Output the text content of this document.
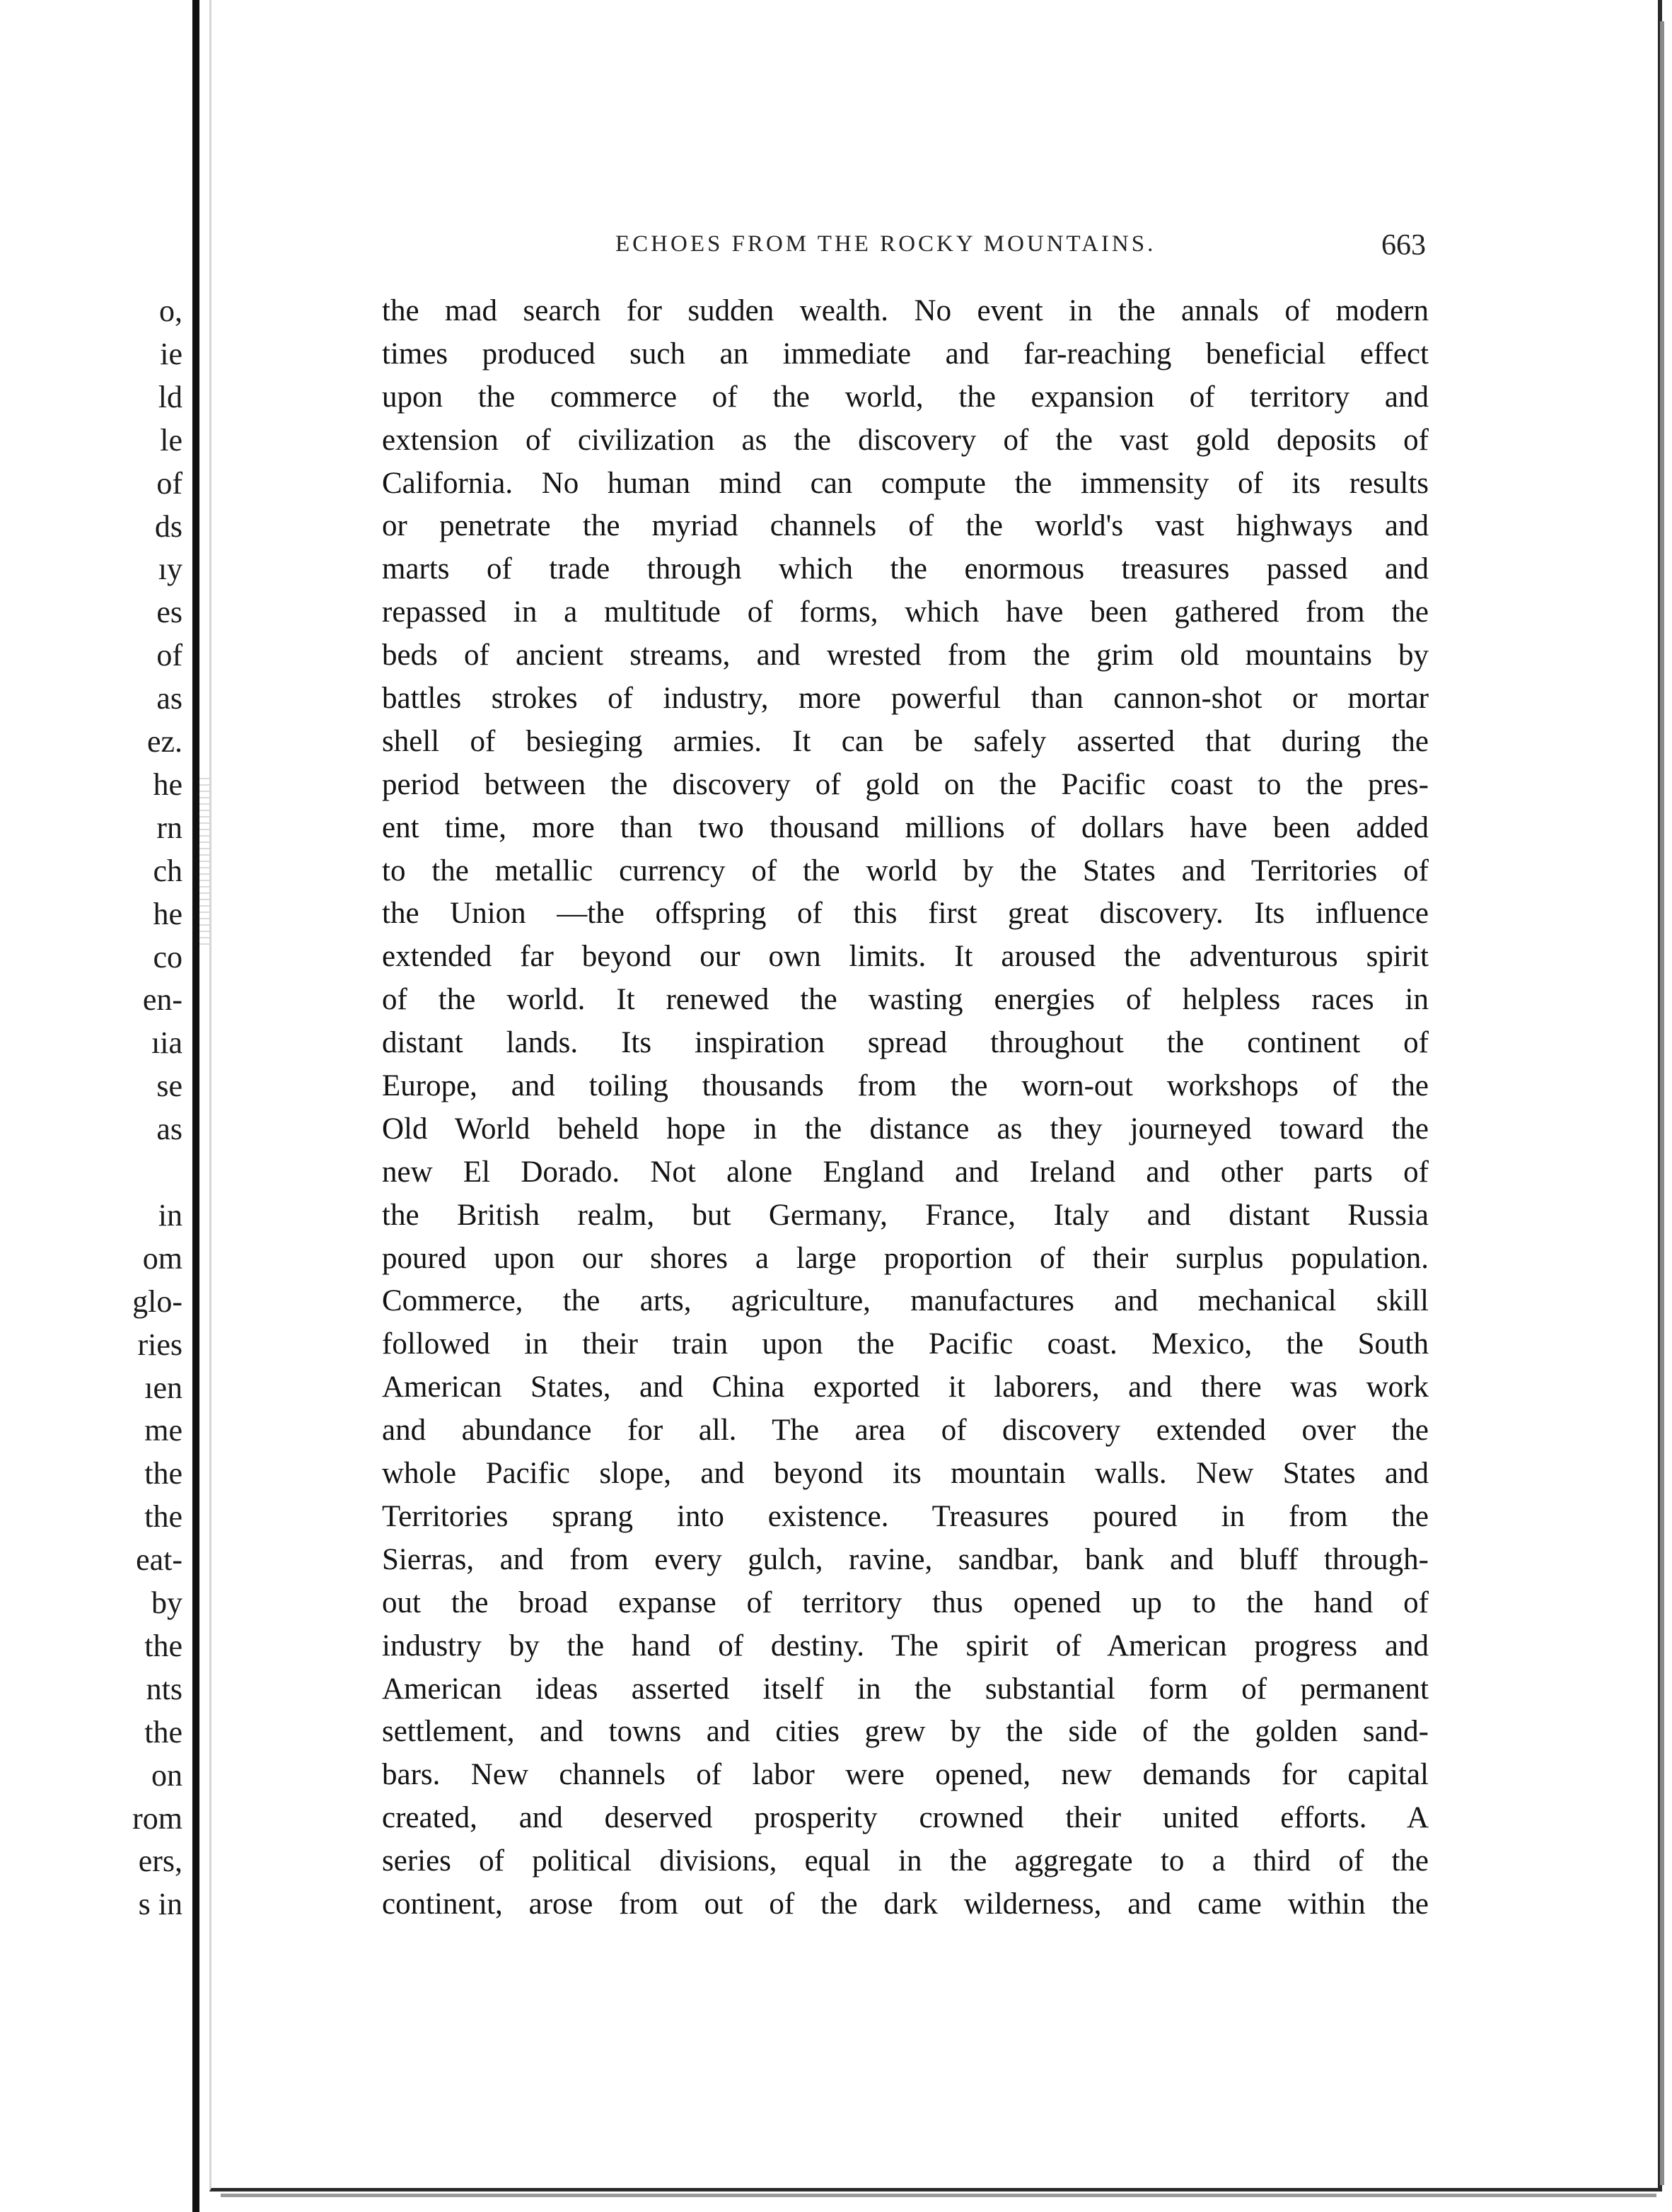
o,
ie
ld
le
of
ds
ıy
es
of
as
ez.
he
rn
ch
he
co
en-
ıia
se
as
in
om
glo-
ries
ıen
me
the
the
eat-
by
the
nts
the
on
rom
ers,
s in
ECHOES FROM THE ROCKY MOUNTAINS.	663
the mad search for sudden wealth. No event in the annals of modern
times produced such an immediate and far-reaching beneficial effect
upon the commerce of the world, the expansion of territory and
extension of civilization as the discovery of the vast gold deposits of
California. No human mind can compute the immensity of its results
or penetrate the myriad channels of the world's vast highways and
marts of trade through which the enormous treasures passed and
repassed in a multitude of forms, which have been gathered from the
beds of ancient streams, and wrested from the grim old mountains by
battles strokes of industry, more powerful than cannon-shot or mortar
shell of besieging armies. It can be safely asserted that during the
period between the discovery of gold on the Pacific coast to the pres-
ent time, more than two thousand millions of dollars have been added
to the metallic currency of the world by the States and Territories of
the Union —the offspring of this first great discovery. Its influence
extended far beyond our own limits. It aroused the adventurous spirit
of the world. It renewed the wasting energies of helpless races in
distant lands. Its inspiration spread throughout the continent of
Europe, and toiling thousands from the worn-out workshops of the
Old World beheld hope in the distance as they journeyed toward the
new El Dorado. Not alone England and Ireland and other parts of
the British realm, but Germany, France, Italy and distant Russia
poured upon our shores a large proportion of their surplus population.
Commerce, the arts, agriculture, manufactures and mechanical skill
followed in their train upon the Pacific coast. Mexico, the South
American States, and China exported it laborers, and there was work
and abundance for all. The area of discovery extended over the
whole Pacific slope, and beyond its mountain walls. New States and
Territories sprang into existence. Treasures poured in from the
Sierras, and from every gulch, ravine, sandbar, bank and bluff through-
out the broad expanse of territory thus opened up to the hand of
industry by the hand of destiny. The spirit of American progress and
American ideas asserted itself in the substantial form of permanent
settlement, and towns and cities grew by the side of the golden sand-
bars. New channels of labor were opened, new demands for capital
created, and deserved prosperity crowned their united efforts. A
series of political divisions, equal in the aggregate to a third of the
continent, arose from out of the dark wilderness, and came within the
